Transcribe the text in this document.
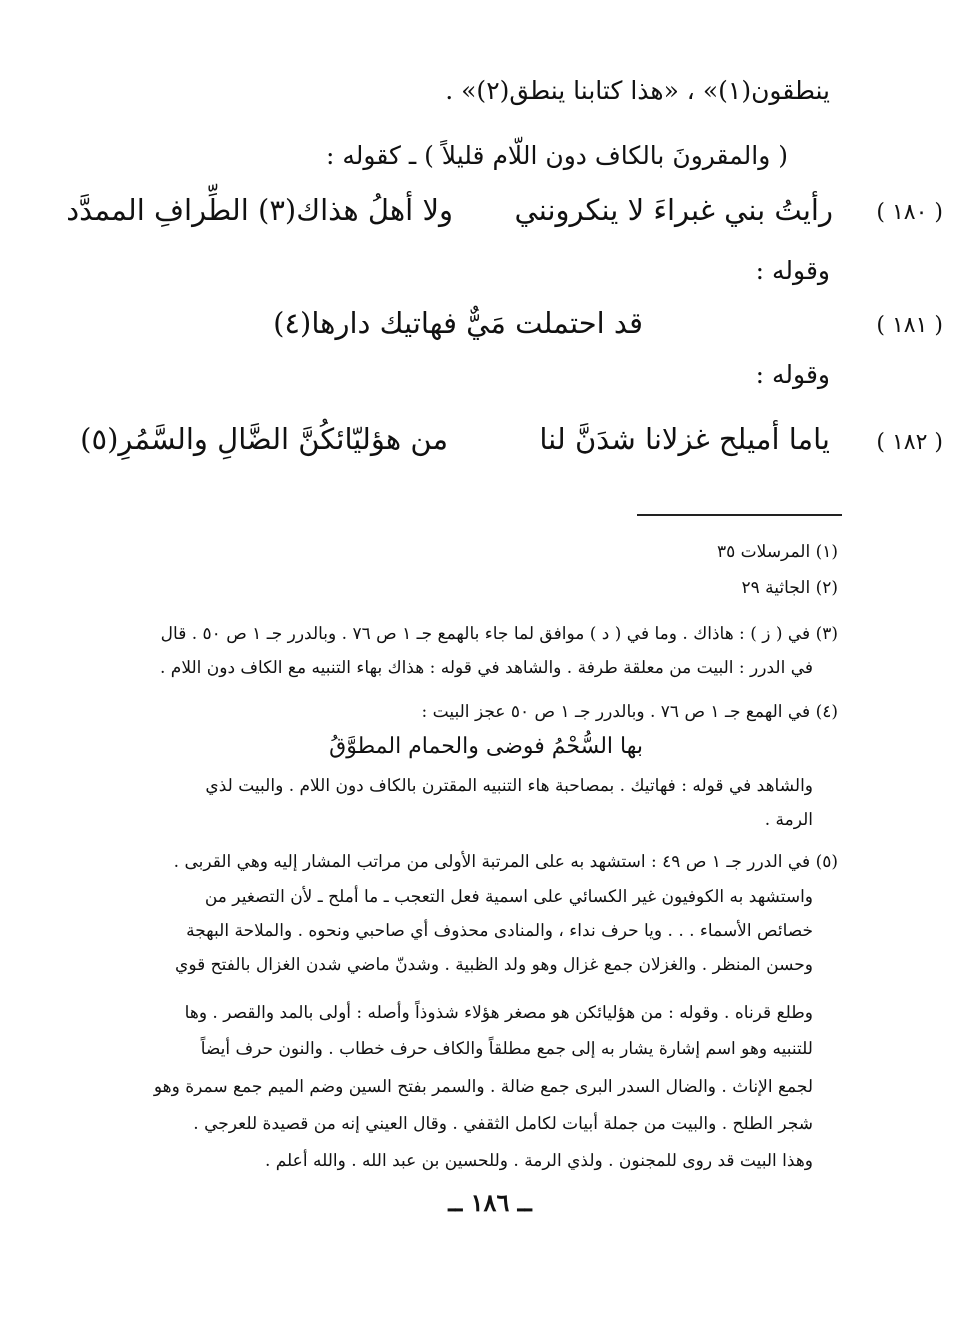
ينطقون(١)» ، «هذا كتابنا ينطق(٢)» .
( والمقرونَ بالكاف دون اللّام قليلاً ) ـ كقوله :
( ١٨٠ )
رأيتُ بني غبراءَ لا ينكرونني
ولا أهلُ هذاك(٣) الطِّرافِ الممدَّد
وقوله :
( ١٨١ )
قد احتملت مَيٌّ فهاتيك دارها(٤)
وقوله :
( ١٨٢ )
ياما أميلح غزلانا شدَنَّ لنا
من هؤليّائكُنَّ الضَّالِ والسَّمُرِ(٥)
(١) المرسلات ٣٥
(٢) الجاثية ٢٩
(٣) في ( ز ) : هاذاك . وما في ( د ) موافق لما جاء بالهمع جـ ١ ص ٧٦ . وبالدرر جـ ١ ص ٥٠ . قال
في الدرر : البيت من معلقة طرفة . والشاهد في قوله : هذاك بهاء التنبيه مع الكاف دون اللام .
(٤) في الهمع جـ ١ ص ٧٦ . وبالدرر جـ ١ ص ٥٠ عجز البيت :
بها السُّحْمُ فوضى والحمام المطوَّقُ
والشاهد في قوله : فهاتيك . بمصاحبة هاء التنبيه المقترن بالكاف دون اللام . والبيت لذي
الرمة .
(٥) في الدرر جـ ١ ص ٤٩ : استشهد به على المرتبة الأولى من مراتب المشار إليه وهي القربى .
واستشهد به الكوفيون غير الكسائي على اسمية فعل التعجب ـ ما أملح ـ لأن التصغير من
خصائص الأسماء . . . ويا حرف نداء ، والمنادى محذوف أي صاحبي ونحوه . والملاحة البهجة
وحسن المنظر . والغزلان جمع غزال وهو ولد الظبية . وشدنّ ماضي شدن الغزال بالفتح قوي
وطلع قرناه . وقوله : من هؤليائكن هو مصغر هؤلاء شذوذاً وأصله : أولى بالمد والقصر . وها
للتنبيه وهو اسم إشارة يشار به إلى جمع مطلقاً والكاف حرف خطاب . والنون حرف أيضاً
لجمع الإناث . والضال السدر البرى جمع ضالة . والسمر بفتح السين وضم الميم جمع سمرة وهو
شجر الطلح . والبيت من جملة أبيات لكامل الثقفي . وقال العيني إنه من قصيدة للعرجي .
وهذا البيت قد روى للمجنون . ولذي الرمة . وللحسين بن عبد الله . والله أعلم .
ــ ١٨٦ ــ
